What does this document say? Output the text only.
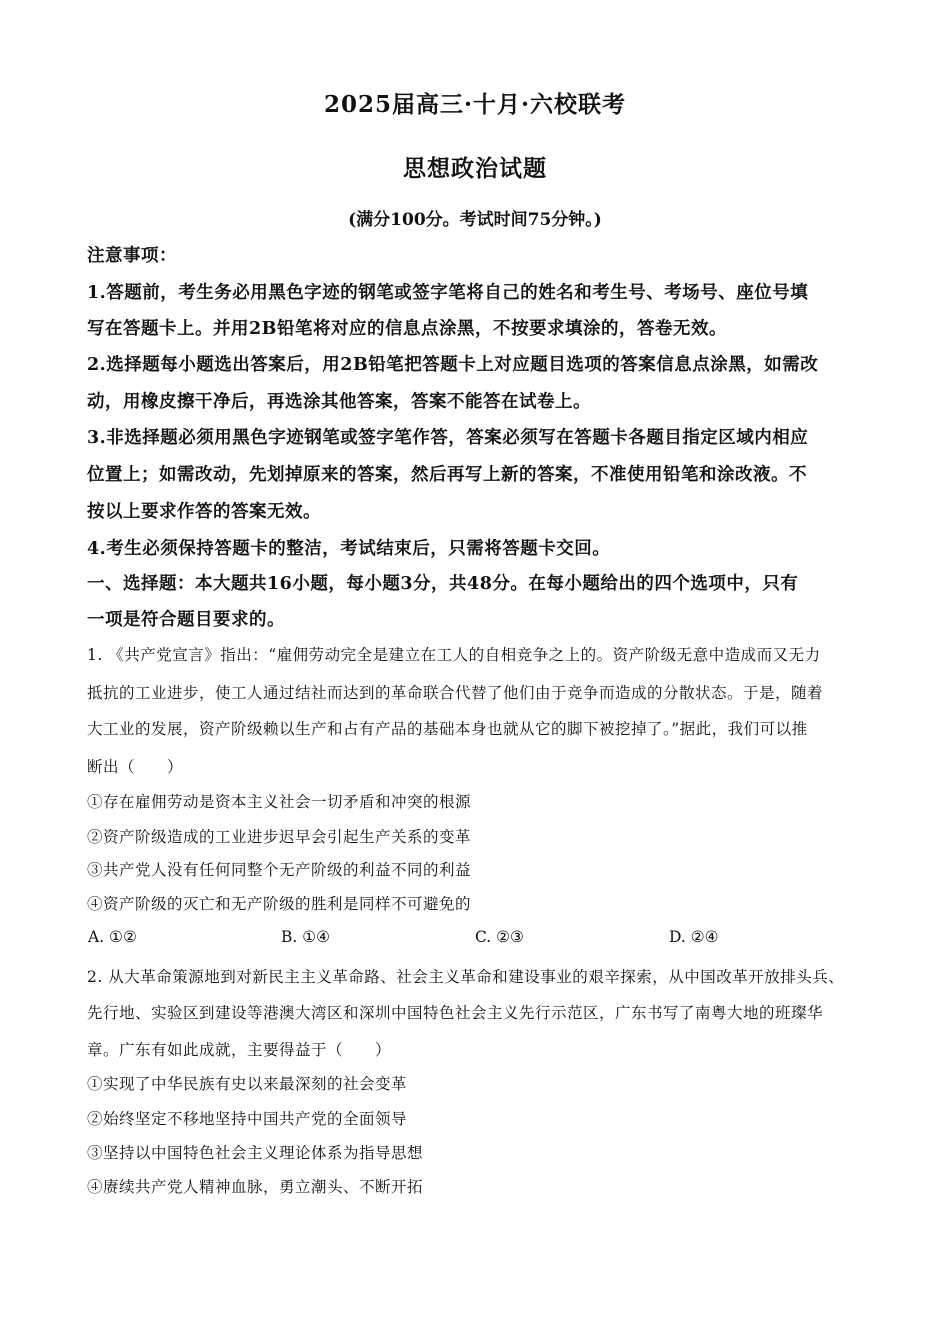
2025届高三·十月·六校联考
思想政治试题
(满分100分。考试时间75分钟。)
注意事项：
1.答题前，考生务必用黑色字迹的钢笔或签字笔将自己的姓名和考生号、考场号、座位号填
写在答题卡上。并用2B铅笔将对应的信息点涂黑，不按要求填涂的，答卷无效。
2.选择题每小题选出答案后，用2B铅笔把答题卡上对应题目选项的答案信息点涂黑，如需改
动，用橡皮擦干净后，再选涂其他答案，答案不能答在试卷上。
3.非选择题必须用黑色字迹钢笔或签字笔作答，答案必须写在答题卡各题目指定区域内相应
位置上；如需改动，先划掉原来的答案，然后再写上新的答案，不准使用铅笔和涂改液。不
按以上要求作答的答案无效。
4.考生必须保持答题卡的整洁，考试结束后，只需将答题卡交回。
一、选择题：本大题共16小题，每小题3分，共48分。在每小题给出的四个选项中，只有
一项是符合题目要求的。
1. 《共产党宣言》指出：“雇佣劳动完全是建立在工人的自相竞争之上的。资产阶级无意中造成而又无力
抵抗的工业进步，使工人通过结社而达到的革命联合代替了他们由于竞争而造成的分散状态。于是，随着
大工业的发展，资产阶级赖以生产和占有产品的基础本身也就从它的脚下被挖掉了。”据此，我们可以推
断出（　　）
①存在雇佣劳动是资本主义社会一切矛盾和冲突的根源
②资产阶级造成的工业进步迟早会引起生产关系的变革
③共产党人没有任何同整个无产阶级的利益不同的利益
④资产阶级的灭亡和无产阶级的胜利是同样不可避免的
A. ①②	B. ①④	C. ②③	D. ②④
2. 从大革命策源地到对新民主主义革命路、社会主义革命和建设事业的艰辛探索，从中国改革开放排头兵、
先行地、实验区到建设等港澳大湾区和深圳中国特色社会主义先行示范区，广东书写了南粤大地的班璨华
章。广东有如此成就，主要得益于（　　）
①实现了中华民族有史以来最深刻的社会变革
②始终坚定不移地坚持中国共产党的全面领导
③坚持以中国特色社会主义理论体系为指导思想
④赓续共产党人精神血脉，勇立潮头、不断开拓
